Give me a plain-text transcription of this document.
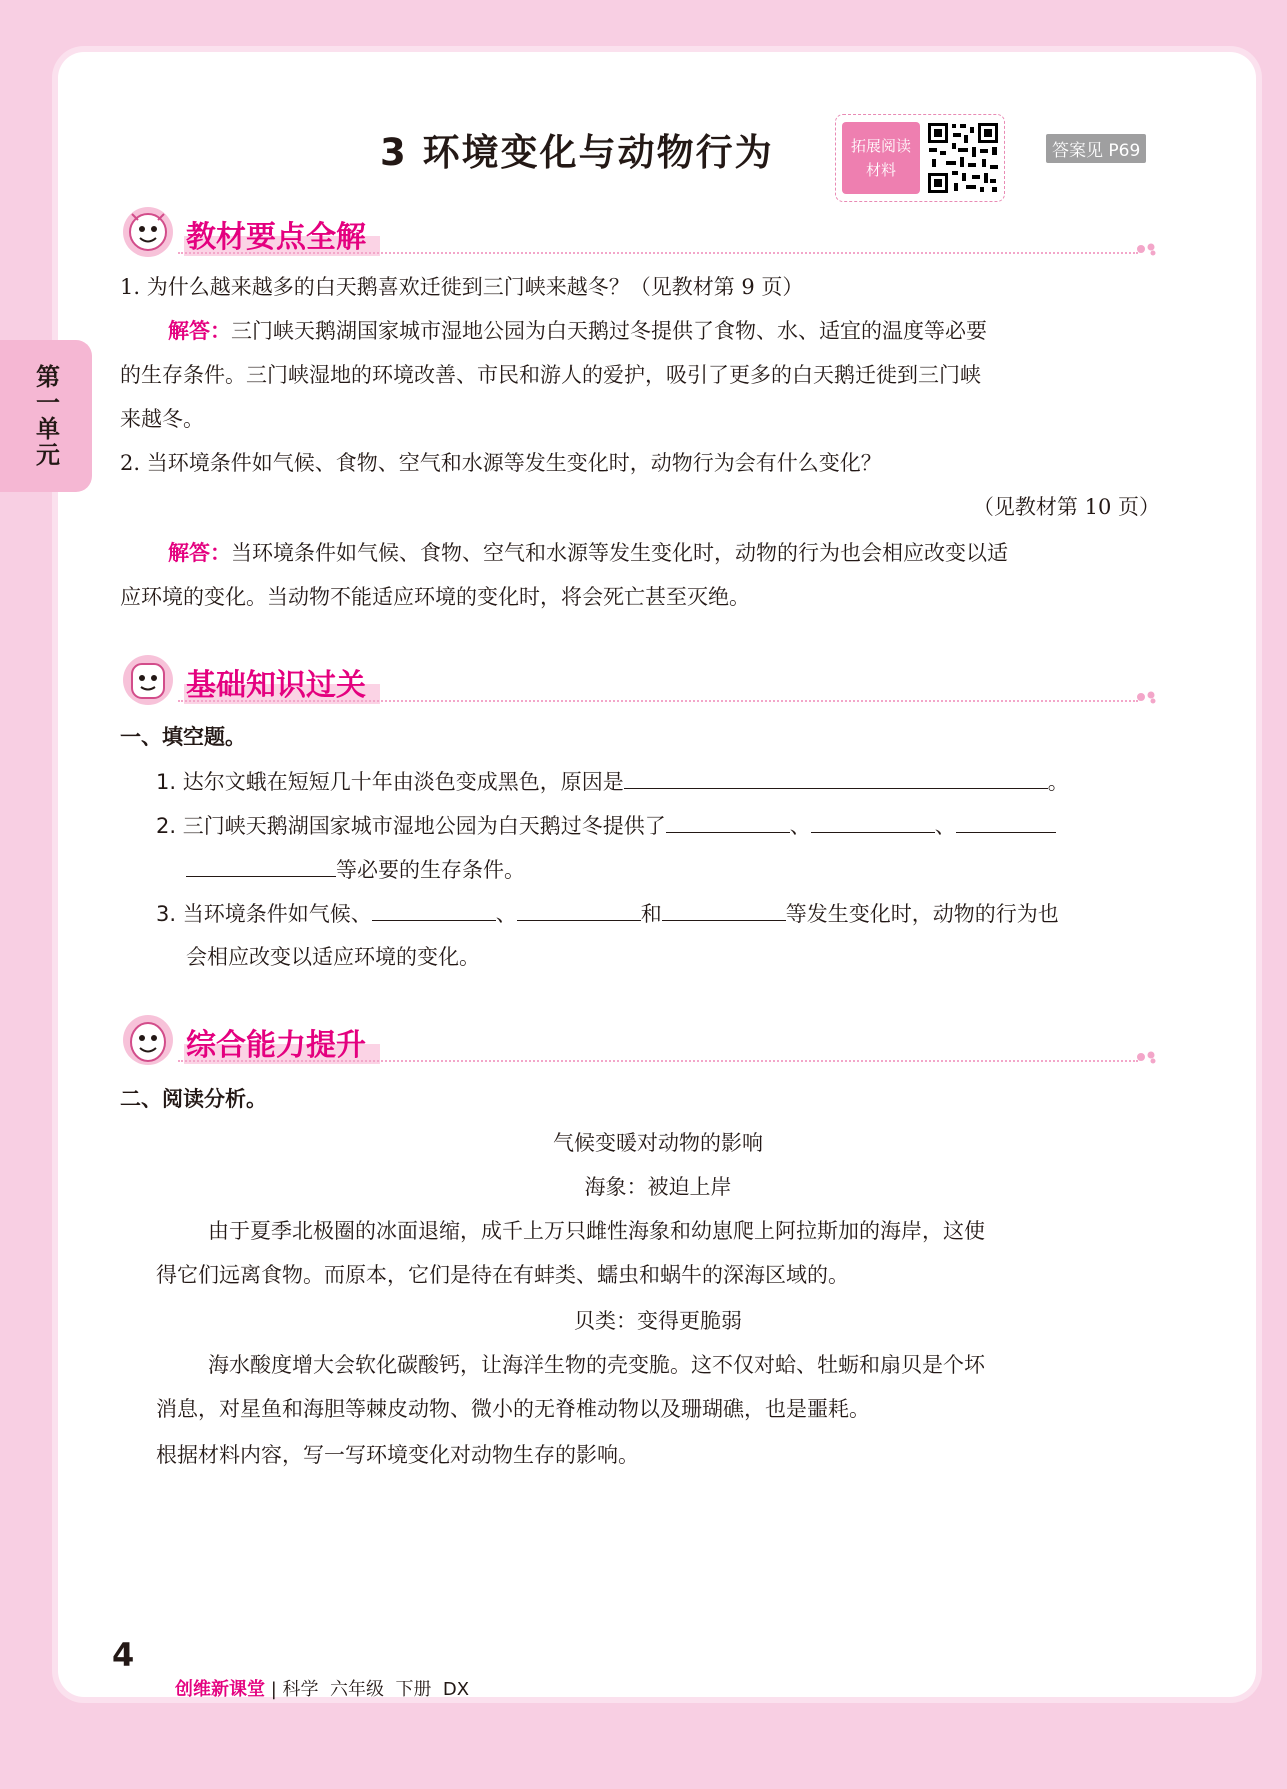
第一单元
3 环境变化与动物行为	拓展阅读
材料
答案见 P69
教材要点全解
1. 为什么越来越多的白天鹅喜欢迁徙到三门峡来越冬？（见教材第 9 页）
解答：三门峡天鹅湖国家城市湿地公园为白天鹅过冬提供了食物、水、适宜的温度等必要
的生存条件。三门峡湿地的环境改善、市民和游人的爱护，吸引了更多的白天鹅迁徙到三门峡
来越冬。
2. 当环境条件如气候、食物、空气和水源等发生变化时，动物行为会有什么变化？
（见教材第 10 页）
解答：当环境条件如气候、食物、空气和水源等发生变化时，动物的行为也会相应改变以适
应环境的变化。当动物不能适应环境的变化时，将会死亡甚至灭绝。
基础知识过关
一、填空题。
1. 达尔文蛾在短短几十年由淡色变成黑色，原因是	。
2. 三门峡天鹅湖国家城市湿地公园为白天鹅过冬提供了	、	、
等必要的生存条件。
3. 当环境条件如气候、	、	和	等发生变化时，动物的行为也
会相应改变以适应环境的变化。
综合能力提升
二、阅读分析。
气候变暖对动物的影响
海象：被迫上岸
由于夏季北极圈的冰面退缩，成千上万只雌性海象和幼崽爬上阿拉斯加的海岸，这使
得它们远离食物。而原本，它们是待在有蚌类、蠕虫和蜗牛的深海区域的。
贝类：变得更脆弱
海水酸度增大会软化碳酸钙，让海洋生物的壳变脆。这不仅对蛤、牡蛎和扇贝是个坏
消息，对星鱼和海胆等棘皮动物、微小的无脊椎动物以及珊瑚礁，也是噩耗。
根据材料内容，写一写环境变化对动物生存的影响。
4
创维新课堂 | 科学 六年级 下册 DX
